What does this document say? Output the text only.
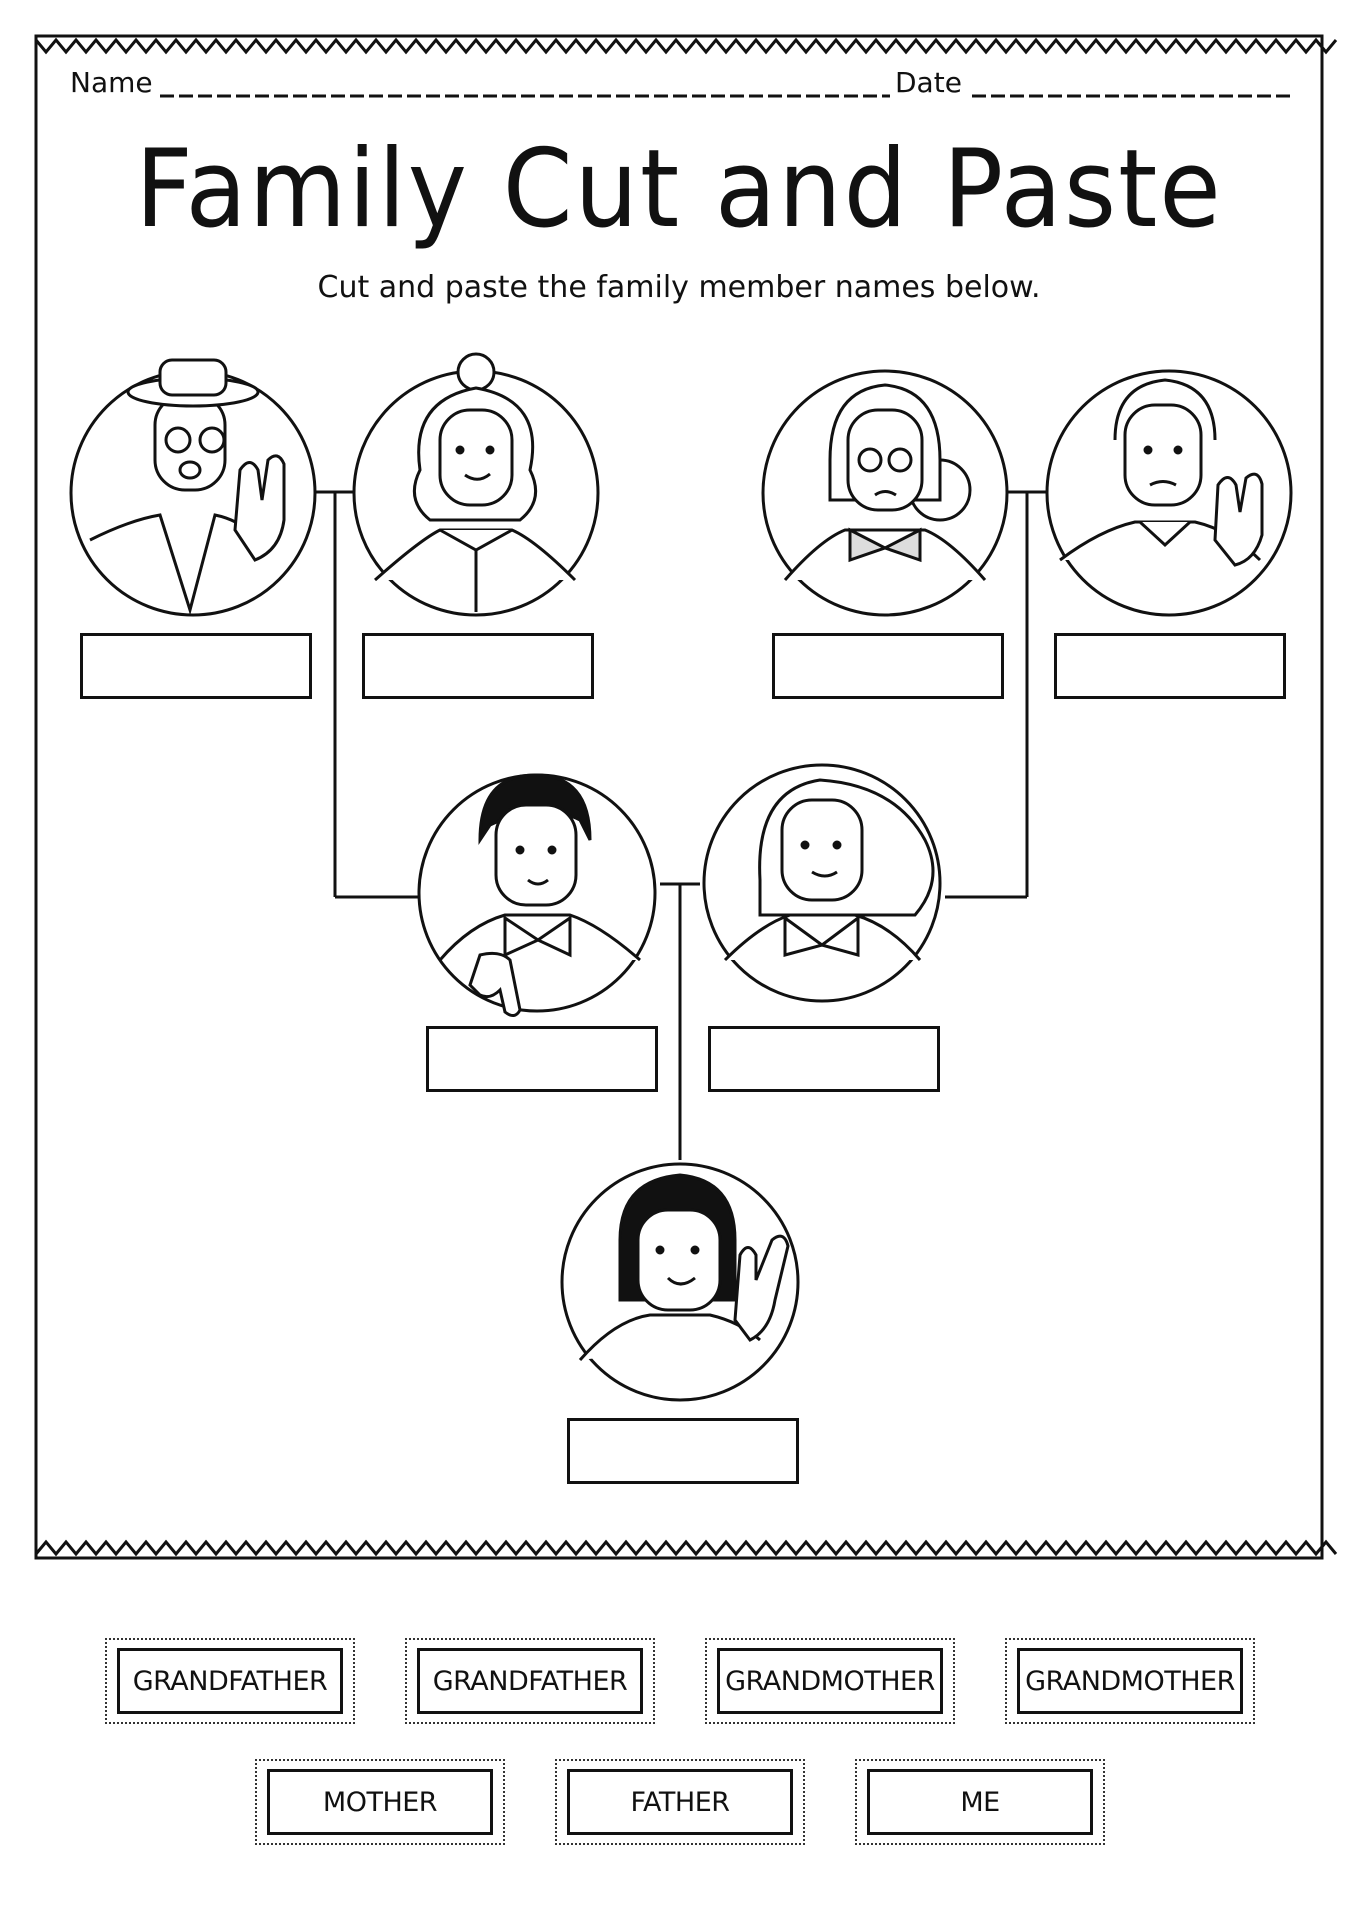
Name	Date
Family Cut and Paste
Cut and paste the family member names below.
GRANDFATHER	GRANDFATHER	GRANDMOTHER	GRANDMOTHER
MOTHER	FATHER	ME
